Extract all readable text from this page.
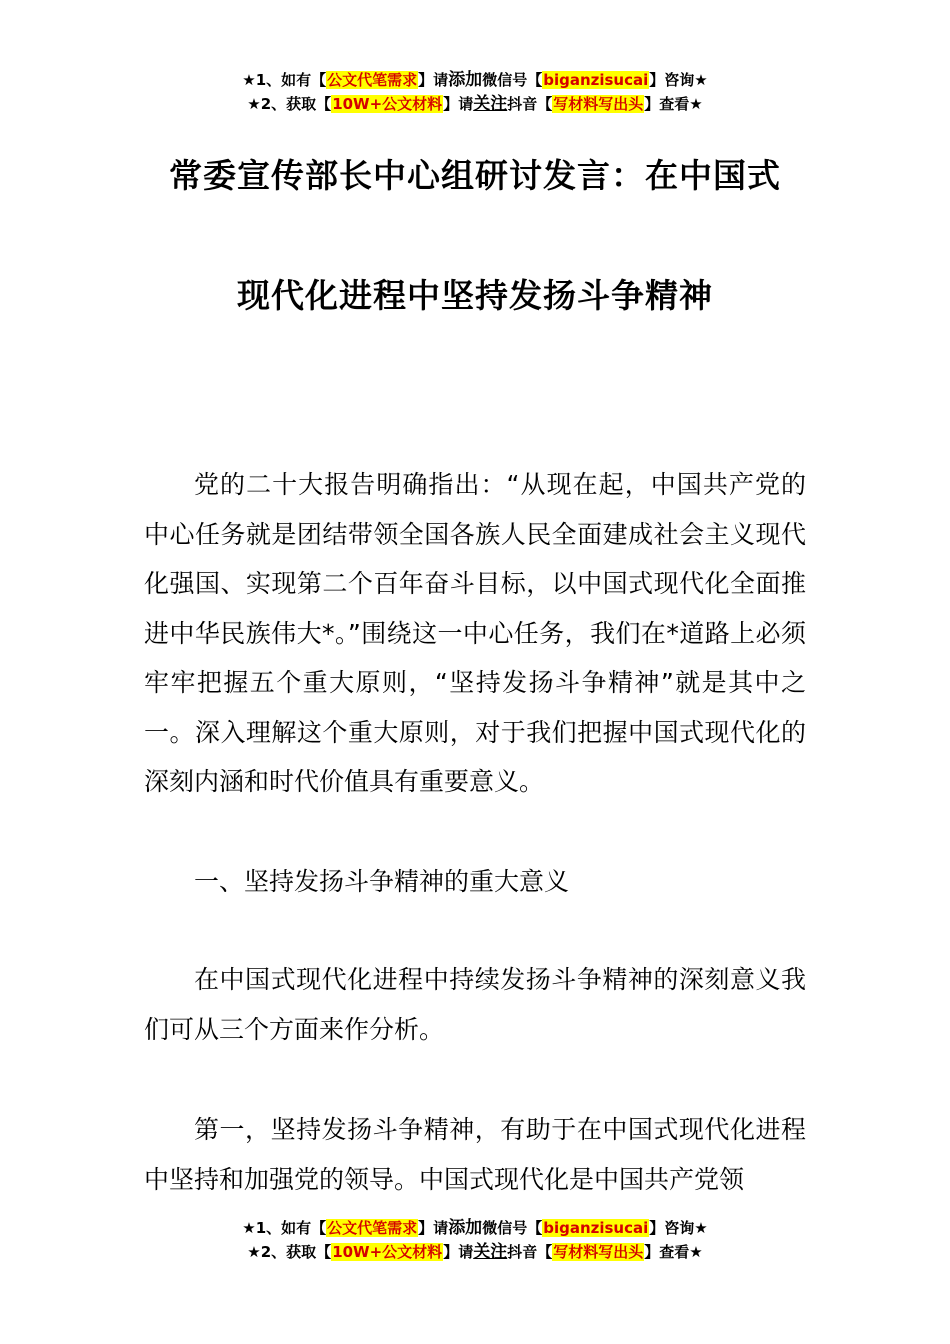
★1、如有【公文代笔需求】请添加微信号【biganzisucai】咨询★
★2、获取【10W+公文材料】请关注抖音【写材料写出头】查看★
常委宣传部长中心组研讨发言：在中国式
现代化进程中坚持发扬斗争精神
党的二十大报告明确指出：“从现在起，中国共产党的中心任务就是团结带领全国各族人民全面建成社会主义现代化强国、实现第二个百年奋斗目标，以中国式现代化全面推进中华民族伟大*。”围绕这一中心任务，我们在*道路上必须牢牢把握五个重大原则，“坚持发扬斗争精神”就是其中之一。深入理解这个重大原则，对于我们把握中国式现代化的深刻内涵和时代价值具有重要意义。
一、坚持发扬斗争精神的重大意义
在中国式现代化进程中持续发扬斗争精神的深刻意义我们可从三个方面来作分析。
第一，坚持发扬斗争精神，有助于在中国式现代化进程中坚持和加强党的领导。中国式现代化是中国共产党领
★1、如有【公文代笔需求】请添加微信号【biganzisucai】咨询★
★2、获取【10W+公文材料】请关注抖音【写材料写出头】查看★
